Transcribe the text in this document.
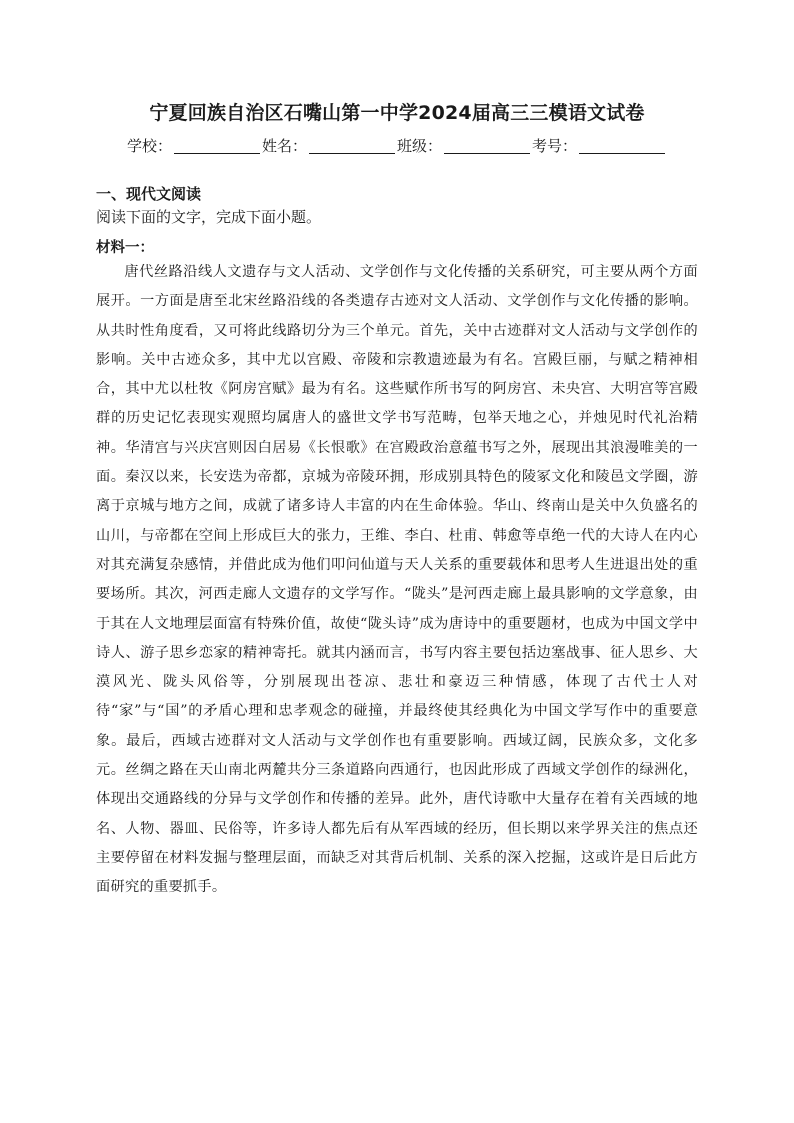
宁夏回族自治区石嘴山第一中学2024届高三三模语文试卷
学校：	姓名：	班级：	考号：
一、现代文阅读
阅读下面的文字，完成下面小题。
材料一：

唐代丝路沿线人文遗存与文人活动、文学创作与文化传播的关系研究，可主要从两个方面展开。一方面是唐至北宋丝路沿线的各类遗存古迹对文人活动、文学创作与文化传播的影响。从共时性角度看，又可将此线路切分为三个单元。首先，关中古迹群对文人活动与文学创作的影响。关中古迹众多，其中尤以宫殿、帝陵和宗教遗迹最为有名。宫殿巨丽，与赋之精神相合，其中尤以杜牧《阿房宫赋》最为有名。这些赋作所书写的阿房宫、未央宫、大明宫等宫殿群的历史记忆表现实观照均属唐人的盛世文学书写范畴，包举天地之心，并烛见时代礼治精神。华清宫与兴庆宫则因白居易《长恨歌》在宫殿政治意蕴书写之外，展现出其浪漫唯美的一面。秦汉以来，长安迭为帝都，京城为帝陵环拥，形成别具特色的陵冢文化和陵邑文学圈，游离于京城与地方之间，成就了诸多诗人丰富的内在生命体验。华山、终南山是关中久负盛名的山川，与帝都在空间上形成巨大的张力，王维、李白、杜甫、韩愈等卓绝一代的大诗人在内心对其充满复杂感情，并借此成为他们叩问仙道与天人关系的重要载体和思考人生进退出处的重要场所。其次，河西走廊人文遗存的文学写作。“陇头”是河西走廊上最具影响的文学意象，由于其在人文地理层面富有特殊价值，故使“陇头诗”成为唐诗中的重要题材，也成为中国文学中诗人、游子思乡恋家的精神寄托。就其内涵而言，书写内容主要包括边塞战事、征人思乡、大漠风光、陇头风俗等，分别展现出苍凉、悲壮和豪迈三种情感，体现了古代士人对待“家”与“国”的矛盾心理和忠孝观念的碰撞，并最终使其经典化为中国文学写作中的重要意象。最后，西域古迹群对文人活动与文学创作也有重要影响。西域辽阔，民族众多，文化多元。丝绸之路在天山南北两麓共分三条道路向西通行，也因此形成了西域文学创作的绿洲化，体现出交通路线的分异与文学创作和传播的差异。此外，唐代诗歌中大量存在着有关西域的地名、人物、器皿、民俗等，许多诗人都先后有从军西域的经历，但长期以来学界关注的焦点还主要停留在材料发掘与整理层面，而缺乏对其背后机制、关系的深入挖掘，这或许是日后此方面研究的重要抓手。
